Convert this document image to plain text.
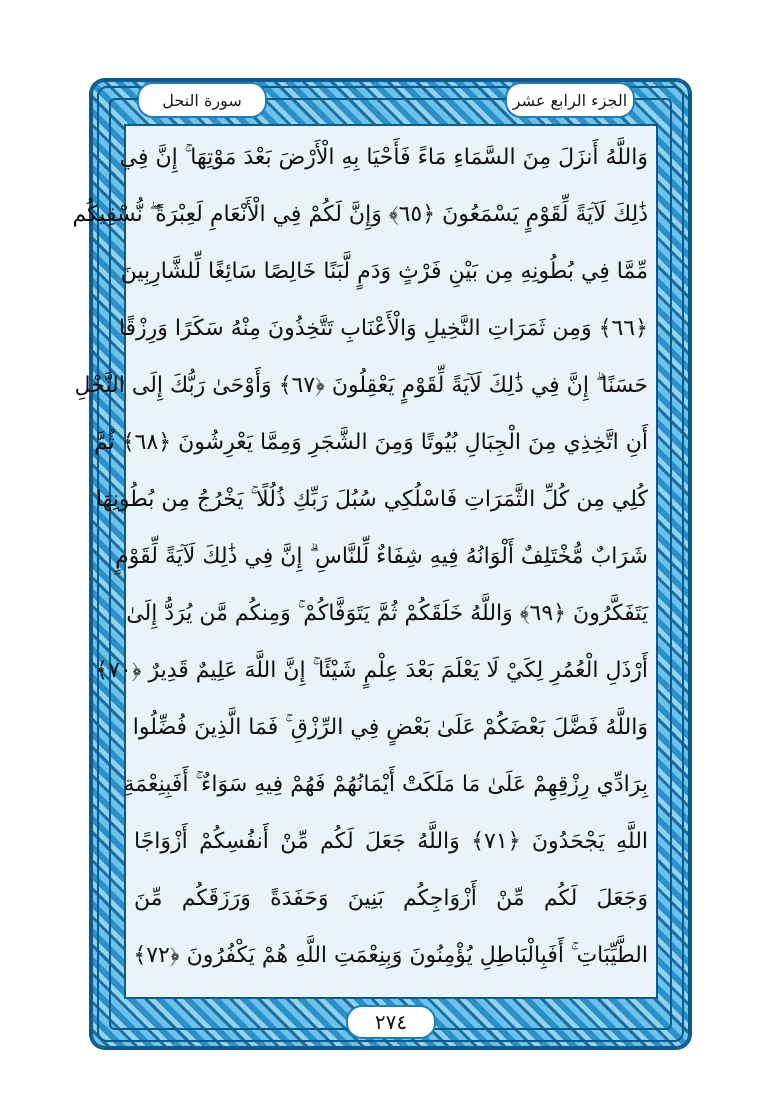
سورة النحل	الجزء الرابع عشر
وَاللَّهُ أَنزَلَ مِنَ السَّمَاءِ مَاءً فَأَحْيَا بِهِ الْأَرْضَ بَعْدَ مَوْتِهَا ۚ إِنَّ فِي
ذَٰلِكَ لَآيَةً لِّقَوْمٍ يَسْمَعُونَ ﴿٦٥﴾ وَإِنَّ لَكُمْ فِي الْأَنْعَامِ لَعِبْرَةً ۖ نُّسْقِيكُم
مِّمَّا فِي بُطُونِهِ مِن بَيْنِ فَرْثٍ وَدَمٍ لَّبَنًا خَالِصًا سَائِغًا لِّلشَّارِبِينَ
﴿٦٦﴾ وَمِن ثَمَرَاتِ النَّخِيلِ وَالْأَعْنَابِ تَتَّخِذُونَ مِنْهُ سَكَرًا وَرِزْقًا
حَسَنًا ۗ إِنَّ فِي ذَٰلِكَ لَآيَةً لِّقَوْمٍ يَعْقِلُونَ ﴿٦٧﴾ وَأَوْحَىٰ رَبُّكَ إِلَى النَّحْلِ
أَنِ اتَّخِذِي مِنَ الْجِبَالِ بُيُوتًا وَمِنَ الشَّجَرِ وَمِمَّا يَعْرِشُونَ ﴿٦٨﴾ ثُمَّ
كُلِي مِن كُلِّ الثَّمَرَاتِ فَاسْلُكِي سُبُلَ رَبِّكِ ذُلُلًا ۚ يَخْرُجُ مِن بُطُونِهَا
شَرَابٌ مُّخْتَلِفٌ أَلْوَانُهُ فِيهِ شِفَاءٌ لِّلنَّاسِ ۗ إِنَّ فِي ذَٰلِكَ لَآيَةً لِّقَوْمٍ
يَتَفَكَّرُونَ ﴿٦٩﴾ وَاللَّهُ خَلَقَكُمْ ثُمَّ يَتَوَفَّاكُمْ ۚ وَمِنكُم مَّن يُرَدُّ إِلَىٰ
أَرْذَلِ الْعُمُرِ لِكَيْ لَا يَعْلَمَ بَعْدَ عِلْمٍ شَيْئًا ۚ إِنَّ اللَّهَ عَلِيمٌ قَدِيرٌ ﴿٧٠﴾
وَاللَّهُ فَضَّلَ بَعْضَكُمْ عَلَىٰ بَعْضٍ فِي الرِّزْقِ ۚ فَمَا الَّذِينَ فُضِّلُوا
بِرَادِّي رِزْقِهِمْ عَلَىٰ مَا مَلَكَتْ أَيْمَانُهُمْ فَهُمْ فِيهِ سَوَاءٌ ۚ أَفَبِنِعْمَةِ
اللَّهِ يَجْحَدُونَ ﴿٧١﴾ وَاللَّهُ جَعَلَ لَكُم مِّنْ أَنفُسِكُمْ أَزْوَاجًا
وَجَعَلَ لَكُم مِّنْ أَزْوَاجِكُم بَنِينَ وَحَفَدَةً وَرَزَقَكُم مِّنَ
الطَّيِّبَاتِ ۚ أَفَبِالْبَاطِلِ يُؤْمِنُونَ وَبِنِعْمَتِ اللَّهِ هُمْ يَكْفُرُونَ ﴿٧٢﴾
٢٧٤
